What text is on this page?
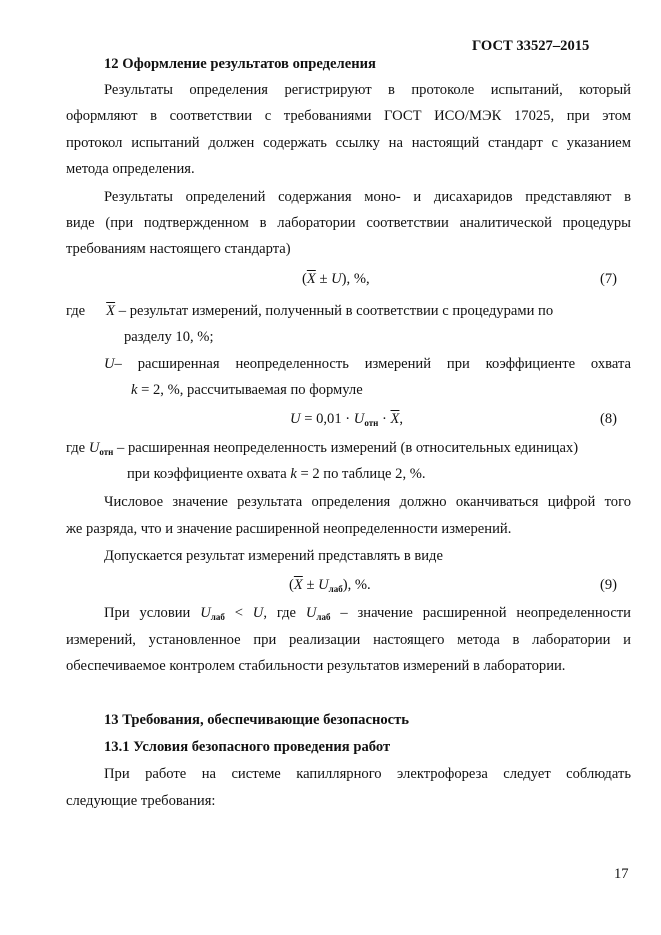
ГОСТ 33527–2015
12 Оформление результатов определения
Результаты определения регистрируют в протоколе испытаний, который
оформляют в соответствии с требованиями ГОСТ ИСО/МЭК 17025, при этом
протокол испытаний должен содержать ссылку на настоящий стандарт с указанием
метода определения.
Результаты определений содержания моно- и дисахаридов представляют в
виде (при подтвержденном в лаборатории соответствии аналитической процедуры
требованиям настоящего стандарта)
$(\overline{X} \pm U)$, %,	(7)
где $\overline{X}$ – результат измерений, полученный в соответствии с процедурами по
разделу 10, %;
U– расширенная неопределенность измерений при коэффициенте охвата
k = 2, %, рассчитываемая по формуле
$U = 0,01 \cdot U_{отн} \cdot \overline{X}$,	(8)
где $U_{отн}$ – расширенная неопределенность измерений (в относительных единицах)
при коэффициенте охвата k = 2 по таблице 2, %.
Числовое значение результата определения должно оканчиваться цифрой того
же разряда, что и значение расширенной неопределенности измерений.
Допускается результат измерений представлять в виде
$(\overline{X} \pm U_{лаб})$, %.	(9)
При условии $U_{лаб} < U$, где $U_{лаб}$ – значение расширенной неопределенности
измерений, установленное при реализации настоящего метода в лаборатории и
обеспечиваемое контролем стабильности результатов измерений в лаборатории.
13 Требования, обеспечивающие безопасность
13.1 Условия безопасного проведения работ
При работе на системе капиллярного электрофореза следует соблюдать
следующие требования:
17
